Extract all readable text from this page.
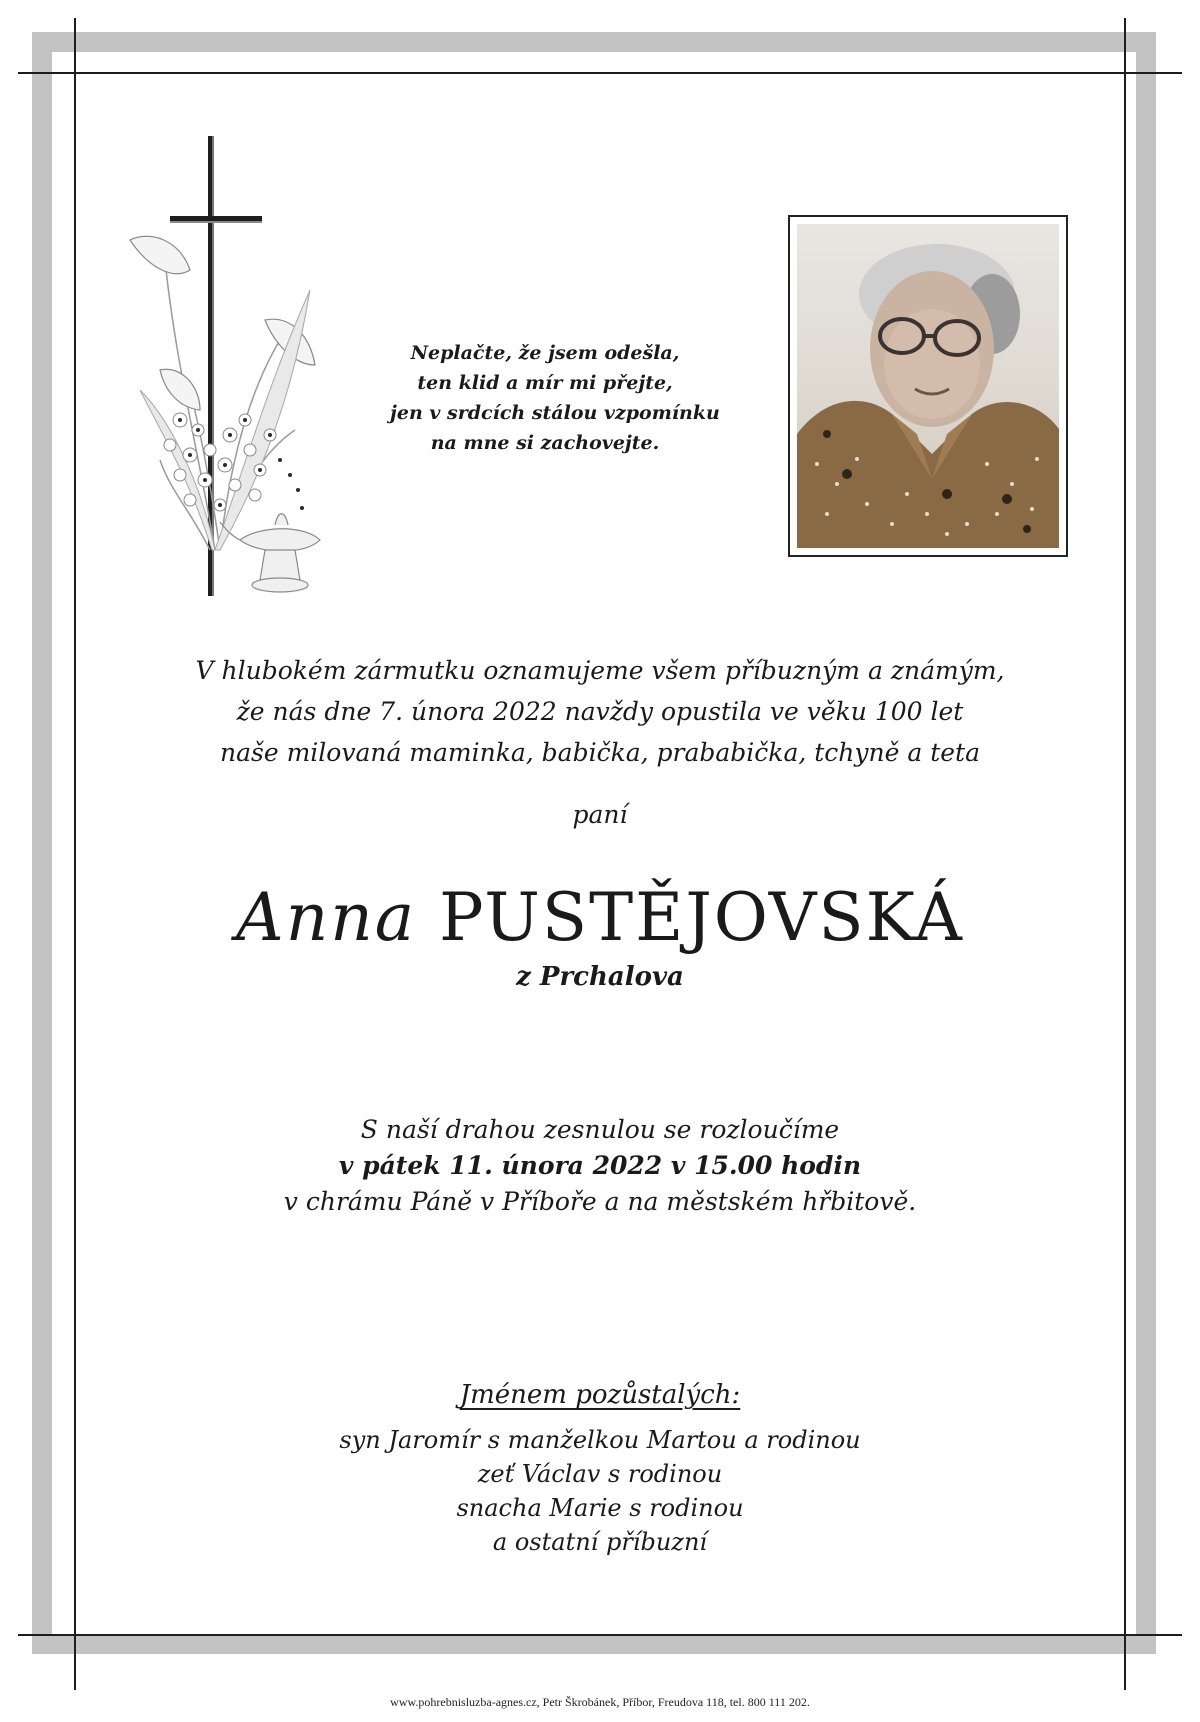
Neplačte, že jsem odešla,
ten klid a mír mi přejte,
jen v srdcích stálou vzpomínku
na mne si zachovejte.
V hlubokém zármutku oznamujeme všem příbuzným a známým,
že nás dne 7. února 2022 navždy opustila ve věku 100 let
naše milovaná maminka, babička, prababička, tchyně a teta
paní
Anna PUSTĚJOVSKÁ
z Prchalova
S naší drahou zesnulou se rozloučíme
v pátek 11. února 2022 v 15.00 hodin
v chrámu Páně v Příboře a na městském hřbitově.
Jménem pozůstalých:
syn Jaromír s manželkou Martou a rodinou
zeť Václav s rodinou
snacha Marie s rodinou
a ostatní příbuzní
www.pohrebnisluzba-agnes.cz, Petr Škrobánek, Příbor, Freudova 118, tel. 800 111 202.
